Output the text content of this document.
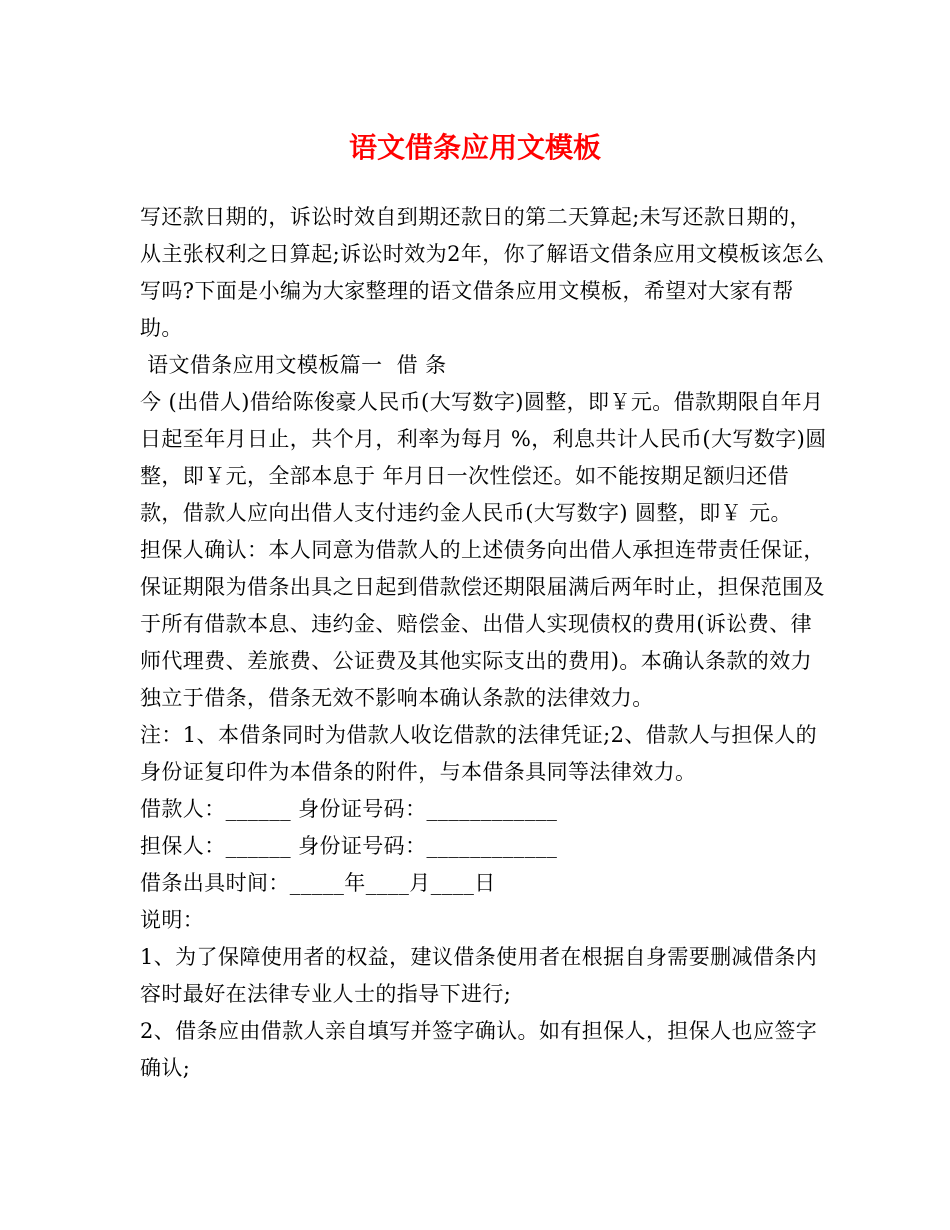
语文借条应用文模板

写还款日期的，诉讼时效自到期还款日的第二天算起;未写还款日期的，从主张权利之日算起;诉讼时效为2年，你了解语文借条应用文模板该怎么写吗?下面是小编为大家整理的语文借条应用文模板，希望对大家有帮助。

语文借条应用文模板篇一  借 条

今 (出借人)借给陈俊豪人民币(大写数字)圆整，即￥元。借款期限自年月日起至年月日止，共个月，利率为每月 %，利息共计人民币(大写数字)圆整，即￥元，全部本息于 年月日一次性偿还。如不能按期足额归还借款，借款人应向出借人支付违约金人民币(大写数字) 圆整，即￥ 元。

担保人确认：本人同意为借款人的上述债务向出借人承担连带责任保证，保证期限为借条出具之日起到借款偿还期限届满后两年时止，担保范围及于所有借款本息、违约金、赔偿金、出借人实现债权的费用(诉讼费、律师代理费、差旅费、公证费及其他实际支出的费用)。本确认条款的效力独立于借条，借条无效不影响本确认条款的法律效力。

注：1、本借条同时为借款人收讫借款的法律凭证;2、借款人与担保人的身份证复印件为本借条的附件，与本借条具同等法律效力。

借款人：______ 身份证号码：____________

担保人：______ 身份证号码：____________

借条出具时间：_____年____月____日

说明：

1、为了保障使用者的权益，建议借条使用者在根据自身需要删减借条内容时最好在法律专业人士的指导下进行;

2、借条应由借款人亲自填写并签字确认。如有担保人，担保人也应签字确认;
